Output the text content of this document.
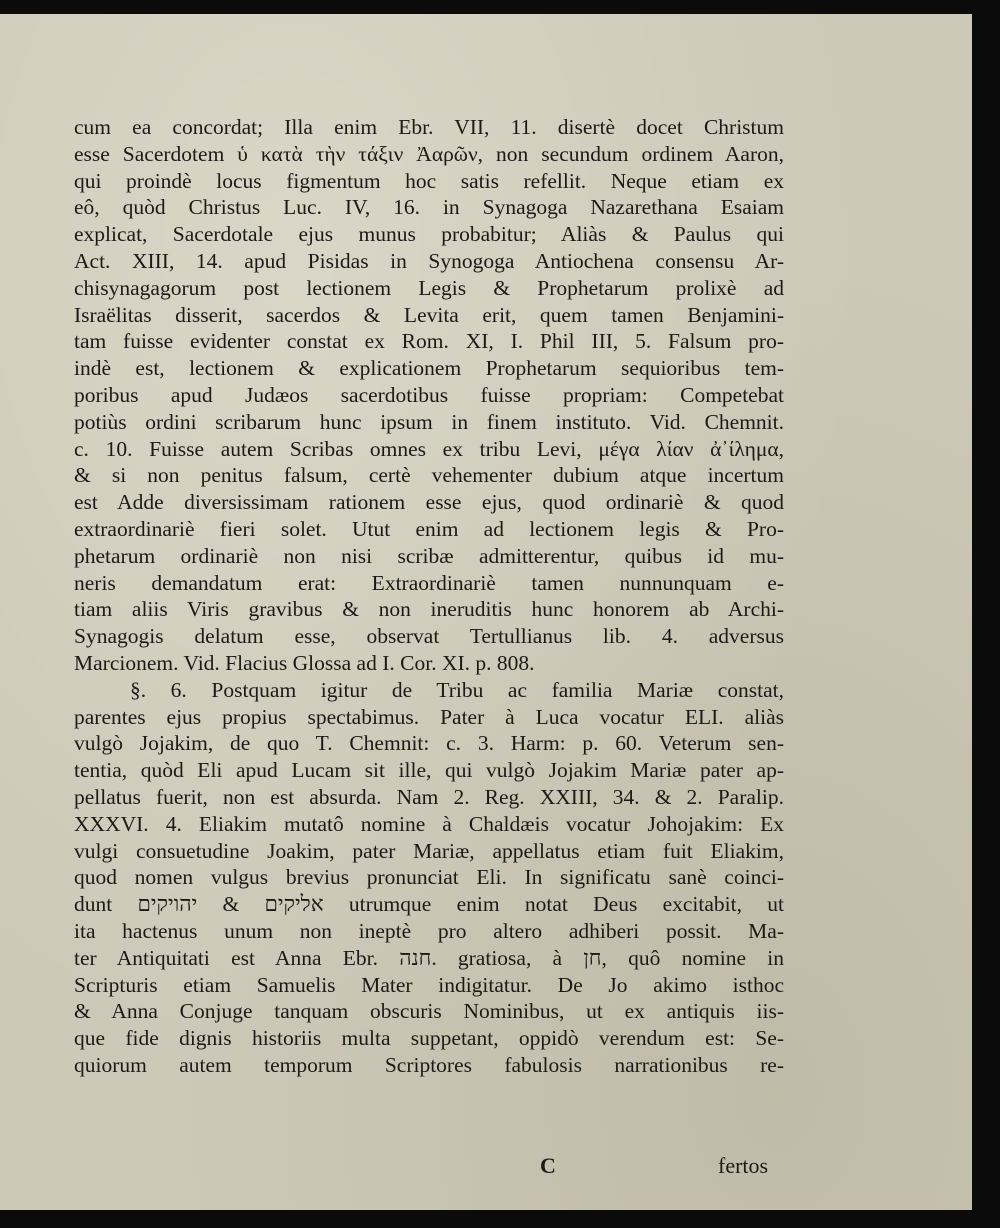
cum ea concordat; Illa enim Ebr. VII, 11. disertè docet Christum
esse Sacerdotem ὑ κατὰ τὴν τάξιν Ἀαρῶν, non secundum ordinem Aaron,
qui proindè locus figmentum hoc satis refellit. Neque etiam ex
eô, quòd Christus Luc. IV, 16. in Synagoga Nazarethana Esaiam
explicat, Sacerdotale ejus munus probabitur; Aliàs & Paulus qui
Act. XIII, 14. apud Pisidas in Synogoga Antiochena consensu Ar-
chisynagagorum post lectionem Legis & Prophetarum prolixè ad
Israëlitas disserit, sacerdos & Levita erit, quem tamen Benjamini-
tam fuisse evidenter constat ex Rom. XI, I. Phil III, 5. Falsum pro-
indè est, lectionem & explicationem Prophetarum sequioribus tem-
poribus apud Judæos sacerdotibus fuisse propriam: Competebat
potiùs ordini scribarum hunc ipsum in finem instituto. Vid. Chemnit.
c. 10. Fuisse autem Scribas omnes ex tribu Levi, μέγα λίαν ἀ᾽ίλημα,
& si non penitus falsum, certè vehementer dubium atque incertum
est Adde diversissimam rationem esse ejus, quod ordinariè & quod
extraordinariè fieri solet. Utut enim ad lectionem legis & Pro-
phetarum ordinariè non nisi scribæ admitterentur, quibus id mu-
neris demandatum erat: Extraordinariè tamen nunnunquam e-
tiam aliis Viris gravibus & non ineruditis hunc honorem ab Archi-
Synagogis delatum esse, observat Tertullianus lib. 4. adversus
Marcionem. Vid. Flacius Glossa ad I. Cor. XI. p. 808.
§. 6. Postquam igitur de Tribu ac familia Mariæ constat,
parentes ejus propius spectabimus. Pater à Luca vocatur ELI. aliàs
vulgò Jojakim, de quo T. Chemnit: c. 3. Harm: p. 60. Veterum sen-
tentia, quòd Eli apud Lucam sit ille, qui vulgò Jojakim Mariæ pater ap-
pellatus fuerit, non est absurda. Nam 2. Reg. XXIII, 34. & 2. Paralip.
XXXVI. 4. Eliakim mutatô nomine à Chaldæis vocatur Johojakim: Ex
vulgi consuetudine Joakim, pater Mariæ, appellatus etiam fuit Eliakim,
quod nomen vulgus brevius pronunciat Eli. In significatu sanè coinci-
dunt אליקים & יהויקים utrumque enim notat Deus excitabit, ut
ita hactenus unum non ineptè pro altero adhiberi possit. Ma-
ter Antiquitati est Anna Ebr. חנה. gratiosa, à חן, quô nomine in
Scripturis etiam Samuelis Mater indigitatur. De Jo akimo isthoc
& Anna Conjuge tanquam obscuris Nominibus, ut ex antiquis iis-
que fide dignis historiis multa suppetant, oppidò verendum est: Se-
quiorum autem temporum Scriptores fabulosis narrationibus re-
C	fertos
